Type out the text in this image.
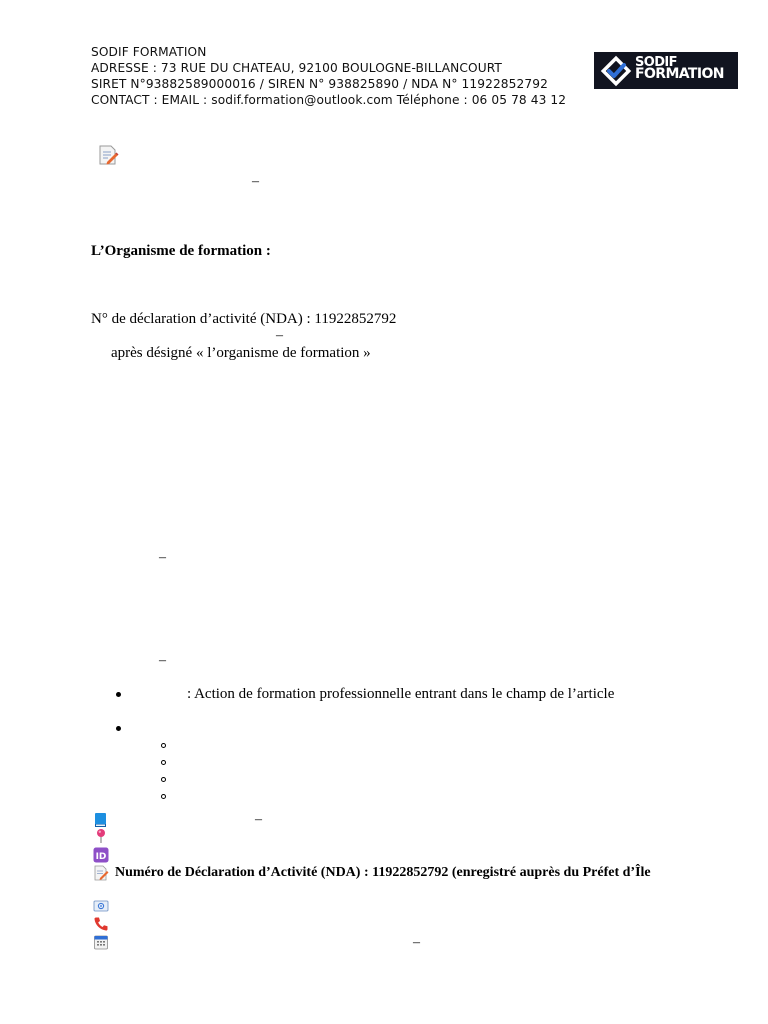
SODIF FORMATION
ADRESSE : 73 RUE DU CHATEAU, 92100 BOULOGNE-BILLANCOURT
SIRET N°93882589000016 / SIREN N° 938825890 / NDA N° 11922852792
CONTACT : EMAIL : sodif.formation@outlook.com Téléphone : 06 05 78 43 12
SODIF
FORMATION
–
L’Organisme de formation :
N° de déclaration d’activité (NDA) : 11922852792
–
après désigné « l’organisme de formation »
–
–
: Action de formation professionnelle entrant dans le champ de l’article
–
ID
Numéro de Déclaration d’Activité (NDA) : 11922852792 (enregistré auprès du Préfet d’Île
–
